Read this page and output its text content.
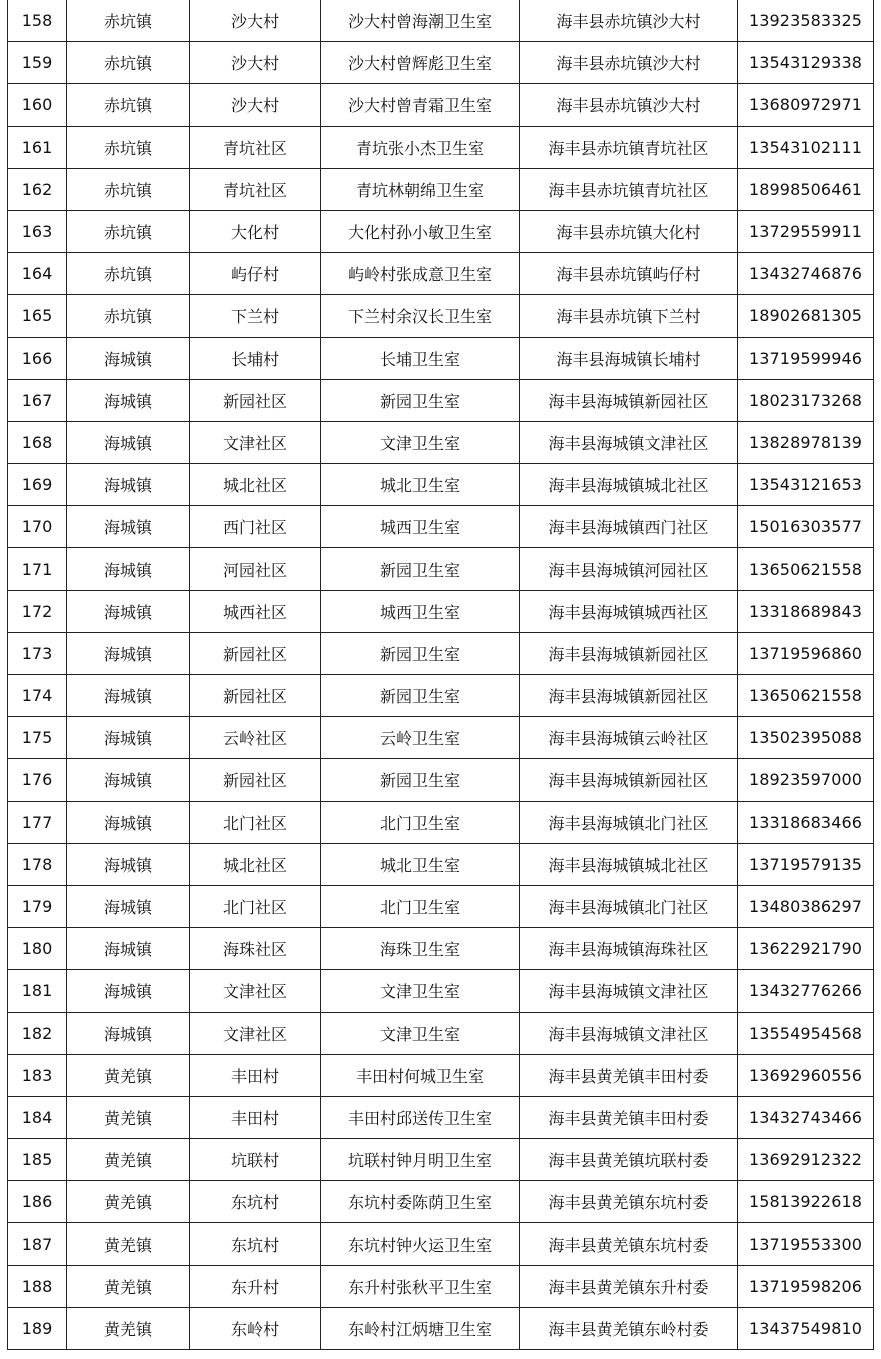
158	赤坑镇	沙大村	沙大村曾海潮卫生室	海丰县赤坑镇沙大村	13923583325
159	赤坑镇	沙大村	沙大村曾辉彪卫生室	海丰县赤坑镇沙大村	13543129338
160	赤坑镇	沙大村	沙大村曾青霜卫生室	海丰县赤坑镇沙大村	13680972971
161	赤坑镇	青坑社区	青坑张小杰卫生室	海丰县赤坑镇青坑社区	13543102111
162	赤坑镇	青坑社区	青坑林朝绵卫生室	海丰县赤坑镇青坑社区	18998506461
163	赤坑镇	大化村	大化村孙小敏卫生室	海丰县赤坑镇大化村	13729559911
164	赤坑镇	屿仔村	屿岭村张成意卫生室	海丰县赤坑镇屿仔村	13432746876
165	赤坑镇	下兰村	下兰村余汉长卫生室	海丰县赤坑镇下兰村	18902681305
166	海城镇	长埔村	长埔卫生室	海丰县海城镇长埔村	13719599946
167	海城镇	新园社区	新园卫生室	海丰县海城镇新园社区	18023173268
168	海城镇	文津社区	文津卫生室	海丰县海城镇文津社区	13828978139
169	海城镇	城北社区	城北卫生室	海丰县海城镇城北社区	13543121653
170	海城镇	西门社区	城西卫生室	海丰县海城镇西门社区	15016303577
171	海城镇	河园社区	新园卫生室	海丰县海城镇河园社区	13650621558
172	海城镇	城西社区	城西卫生室	海丰县海城镇城西社区	13318689843
173	海城镇	新园社区	新园卫生室	海丰县海城镇新园社区	13719596860
174	海城镇	新园社区	新园卫生室	海丰县海城镇新园社区	13650621558
175	海城镇	云岭社区	云岭卫生室	海丰县海城镇云岭社区	13502395088
176	海城镇	新园社区	新园卫生室	海丰县海城镇新园社区	18923597000
177	海城镇	北门社区	北门卫生室	海丰县海城镇北门社区	13318683466
178	海城镇	城北社区	城北卫生室	海丰县海城镇城北社区	13719579135
179	海城镇	北门社区	北门卫生室	海丰县海城镇北门社区	13480386297
180	海城镇	海珠社区	海珠卫生室	海丰县海城镇海珠社区	13622921790
181	海城镇	文津社区	文津卫生室	海丰县海城镇文津社区	13432776266
182	海城镇	文津社区	文津卫生室	海丰县海城镇文津社区	13554954568
183	黄羌镇	丰田村	丰田村何城卫生室	海丰县黄羌镇丰田村委	13692960556
184	黄羌镇	丰田村	丰田村邱送传卫生室	海丰县黄羌镇丰田村委	13432743466
185	黄羌镇	坑联村	坑联村钟月明卫生室	海丰县黄羌镇坑联村委	13692912322
186	黄羌镇	东坑村	东坑村委陈荫卫生室	海丰县黄羌镇东坑村委	15813922618
187	黄羌镇	东坑村	东坑村钟火运卫生室	海丰县黄羌镇东坑村委	13719553300
188	黄羌镇	东升村	东升村张秋平卫生室	海丰县黄羌镇东升村委	13719598206
189	黄羌镇	东岭村	东岭村江炳塘卫生室	海丰县黄羌镇东岭村委	13437549810
